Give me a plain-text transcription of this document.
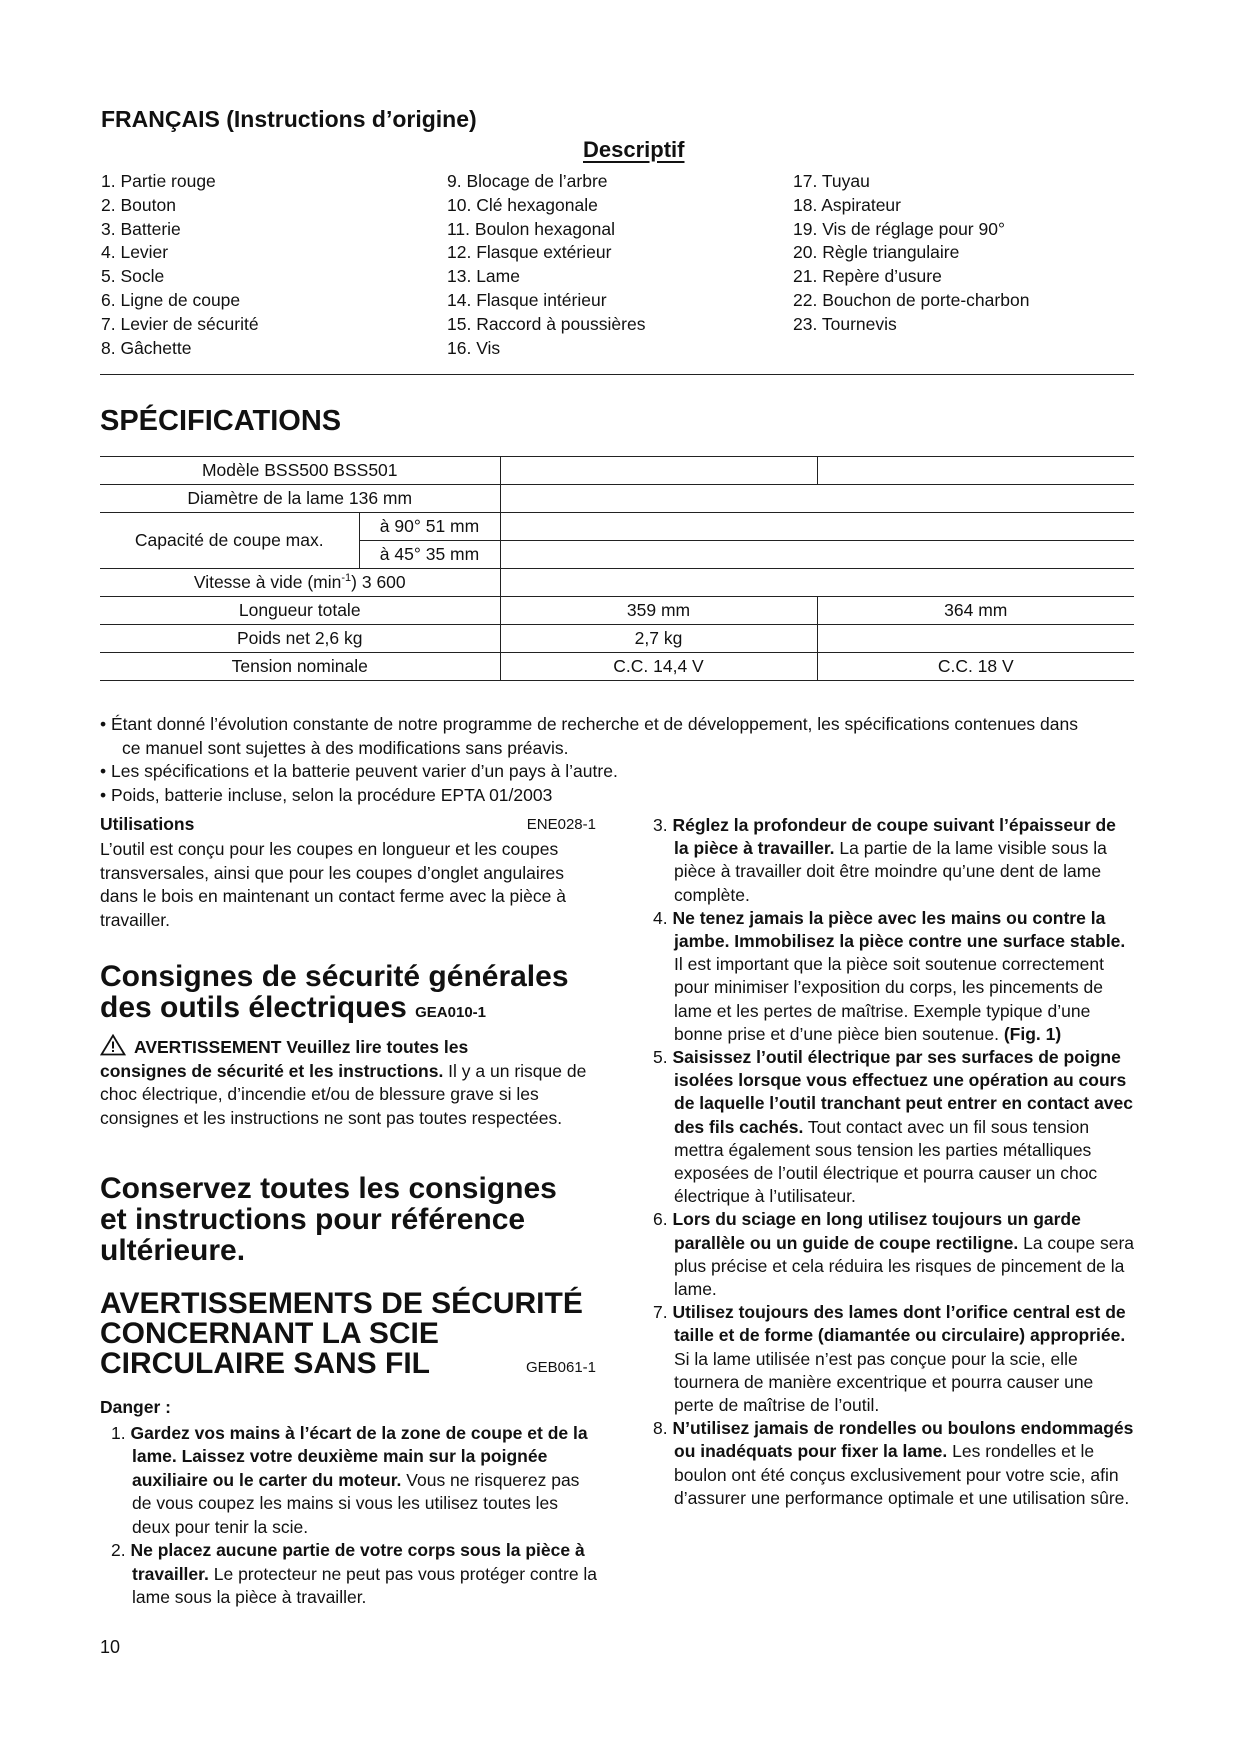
FRANÇAIS (Instructions d’origine)
Descriptif
1. Partie rouge
2. Bouton
3. Batterie
4. Levier
5. Socle
6. Ligne de coupe
7. Levier de sécurité
8. Gâchette
9. Blocage de l’arbre
10. Clé hexagonale
11. Boulon hexagonal
12. Flasque extérieur
13. Lame
14. Flasque intérieur
15. Raccord à poussières
16. Vis
17. Tuyau
18. Aspirateur
19. Vis de réglage pour 90°
20. Règle triangulaire
21. Repère d’usure
22. Bouchon de porte-charbon
23. Tournevis
SPÉCIFICATIONS
Modèle BSS500 BSS501			
Diamètre de la lame 136 mm			
Capacité de coupe max.	à 90° 51 mm		
	à 45° 35 mm		
Vitesse à vide $(\min^{-1})$ 3 600			
Longueur totale		359 mm	364 mm
Poids net 2,6 kg		2,7 kg	
Tension nominale		C.C. 14,4 V	C.C. 18 V
• Étant donné l’évolution constante de notre programme de recherche et de développement, les spécifications contenues dans ce manuel sont sujettes à des modifications sans préavis.
• Les spécifications et la batterie peuvent varier d’un pays à l’autre.
• Poids, batterie incluse, selon la procédure EPTA 01/2003
Utilisations	ENE028-1
L’outil est conçu pour les coupes en longueur et les coupes transversales, ainsi que pour les coupes d’onglet angulaires dans le bois en maintenant un contact ferme avec la pièce à travailler.
Consignes de sécurité générales
des outils électriques GEA010-1
AVERTISSEMENT Veuillez lire toutes les
consignes de sécurité et les instructions. Il y a un risque de choc électrique, d’incendie et/ou de blessure grave si les consignes et les instructions ne sont pas toutes respectées.
Conservez toutes les consignes
et instructions pour référence
ultérieure.
AVERTISSEMENTS DE SÉCURITÉ
CONCERNANT LA SCIE
CIRCULAIRE SANS FIL	GEB061-1
Danger :
1. Gardez vos mains à l’écart de la zone de coupe et de la lame. Laissez votre deuxième main sur la poignée auxiliaire ou le carter du moteur. Vous ne risquerez pas de vous coupez les mains si vous les utilisez toutes les deux pour tenir la scie.
2. Ne placez aucune partie de votre corps sous la pièce à travailler. Le protecteur ne peut pas vous protéger contre la lame sous la pièce à travailler.
3. Réglez la profondeur de coupe suivant l’épaisseur de la pièce à travailler. La partie de la lame visible sous la pièce à travailler doit être moindre qu’une dent de lame complète.
4. Ne tenez jamais la pièce avec les mains ou contre la jambe. Immobilisez la pièce contre une surface stable. Il est important que la pièce soit soutenue correctement pour minimiser l’exposition du corps, les pincements de lame et les pertes de maîtrise. Exemple typique d’une bonne prise et d’une pièce bien soutenue. (Fig. 1)
5. Saisissez l’outil électrique par ses surfaces de poigne isolées lorsque vous effectuez une opération au cours de laquelle l’outil tranchant peut entrer en contact avec des fils cachés. Tout contact avec un fil sous tension mettra également sous tension les parties métalliques exposées de l’outil électrique et pourra causer un choc électrique à l’utilisateur.
6. Lors du sciage en long utilisez toujours un garde parallèle ou un guide de coupe rectiligne. La coupe sera plus précise et cela réduira les risques de pincement de la lame.
7. Utilisez toujours des lames dont l’orifice central est de taille et de forme (diamantée ou circulaire) appropriée. Si la lame utilisée n’est pas conçue pour la scie, elle tournera de manière excentrique et pourra causer une perte de maîtrise de l’outil.
8. N’utilisez jamais de rondelles ou boulons endommagés ou inadéquats pour fixer la lame. Les rondelles et le boulon ont été conçus exclusivement pour votre scie, afin d’assurer une performance optimale et une utilisation sûre.
10
